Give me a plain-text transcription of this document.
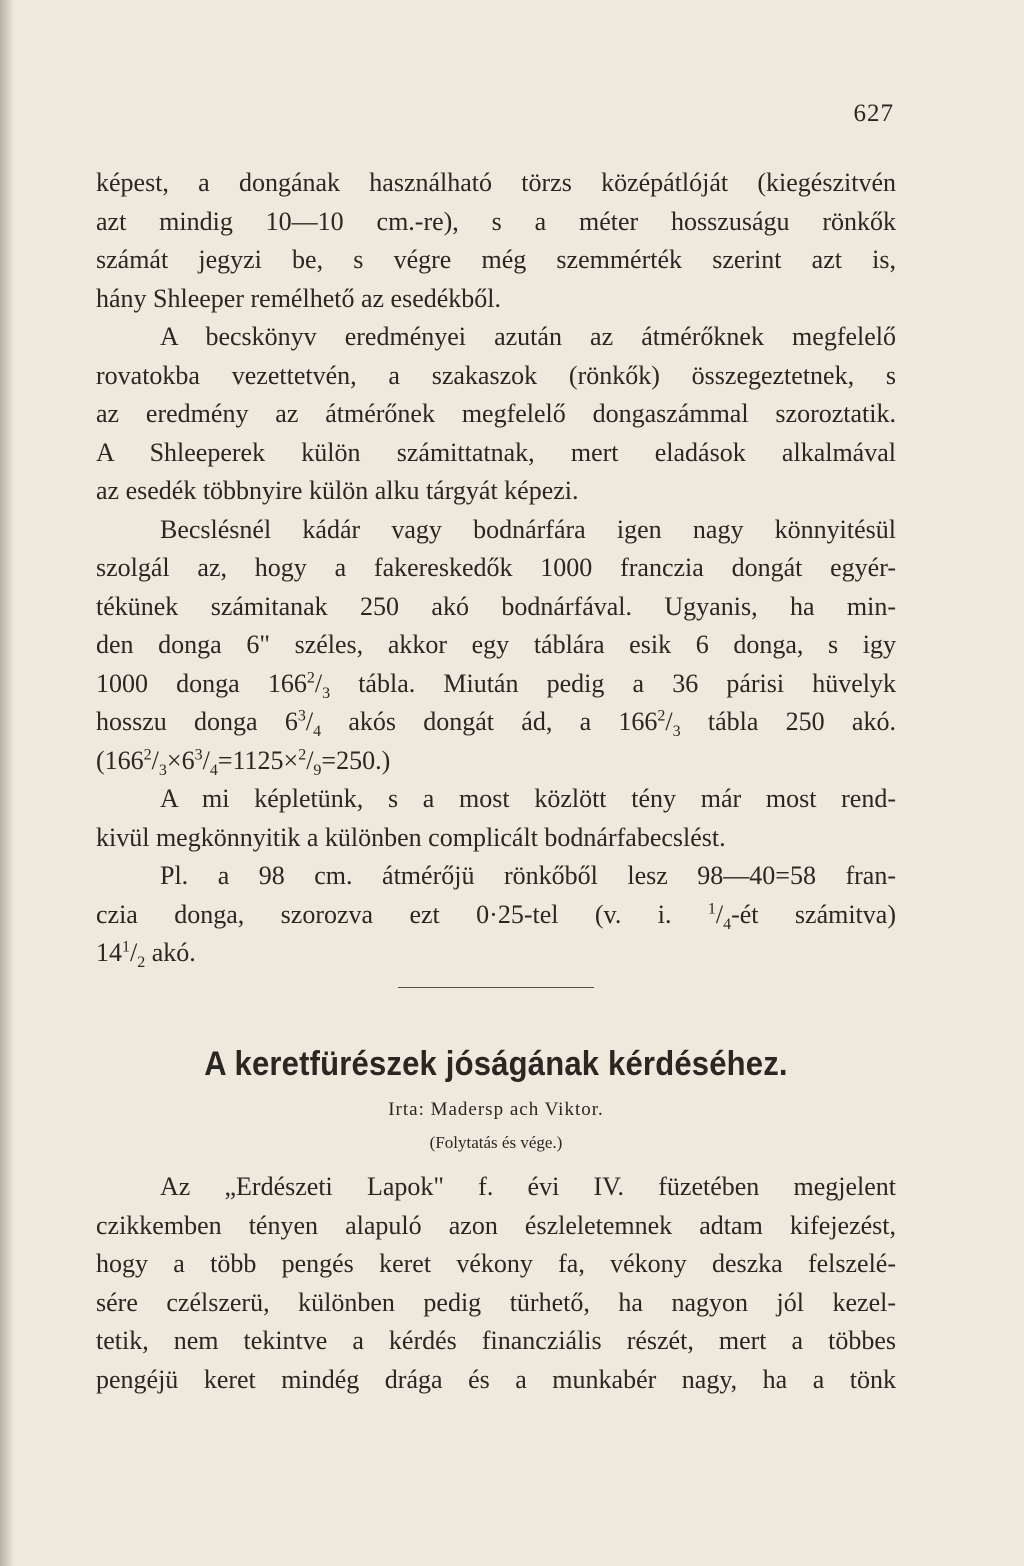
627
képest, a dongának használható törzs középátlóját (kiegészitvén
azt mindig 10—10 cm.-re), s a méter hosszuságu rönkők
számát jegyzi be, s végre még szemmérték szerint azt is,
hány Shleeper remélhető az esedékből.
A becskönyv eredményei azután az átmérőknek megfelelő
rovatokba vezettetvén, a szakaszok (rönkők) összegeztetnek, s
az eredmény az átmérőnek megfelelő dongaszámmal szoroztatik.
A Shleeperek külön számittatnak, mert eladások alkalmával
az esedék többnyire külön alku tárgyát képezi.
Becslésnél kádár vagy bodnárfára igen nagy könnyitésül
szolgál az, hogy a fakereskedők 1000 franczia dongát egyér-
tékünek számitanak 250 akó bodnárfával. Ugyanis, ha min-
den donga 6" széles, akkor egy táblára esik 6 donga, s igy
1000 donga $166^2/_3$ tábla. Miután pedig a 36 párisi hüvelyk
hosszu donga $6^3/_4$ akós dongát ád, a $166^2/_3$ tábla 250 akó.
$(166^2/_3\times 6^3/_4=1125\times^2/_9=250.)$
A mi képletünk, s a most közlött tény már most rend-
kivül megkönnyitik a különben complicált bodnárfabecslést.
Pl. a 98 cm. átmérőjü rönkőből lesz 98—40=58 fran-
czia donga, szorozva ezt 0·25-tel (v. i. $^1/_4-ét$ számitva)
$14^1/_2$ akó.
A keretfürészek jóságának kérdéséhez.
Irta: Madersp ach Viktor.
(Folytatás és vége.)
Az „Erdészeti Lapok" f. évi IV. füzetében megjelent
czikkemben tényen alapuló azon észleletemnek adtam kifejezést,
hogy a több pengés keret vékony fa, vékony deszka felszelé-
sére czélszerü, különben pedig türhető, ha nagyon jól kezel-
tetik, nem tekintve a kérdés financziális részét, mert a többes
pengéjü keret mindég drága és a munkabér nagy, ha a tönk
